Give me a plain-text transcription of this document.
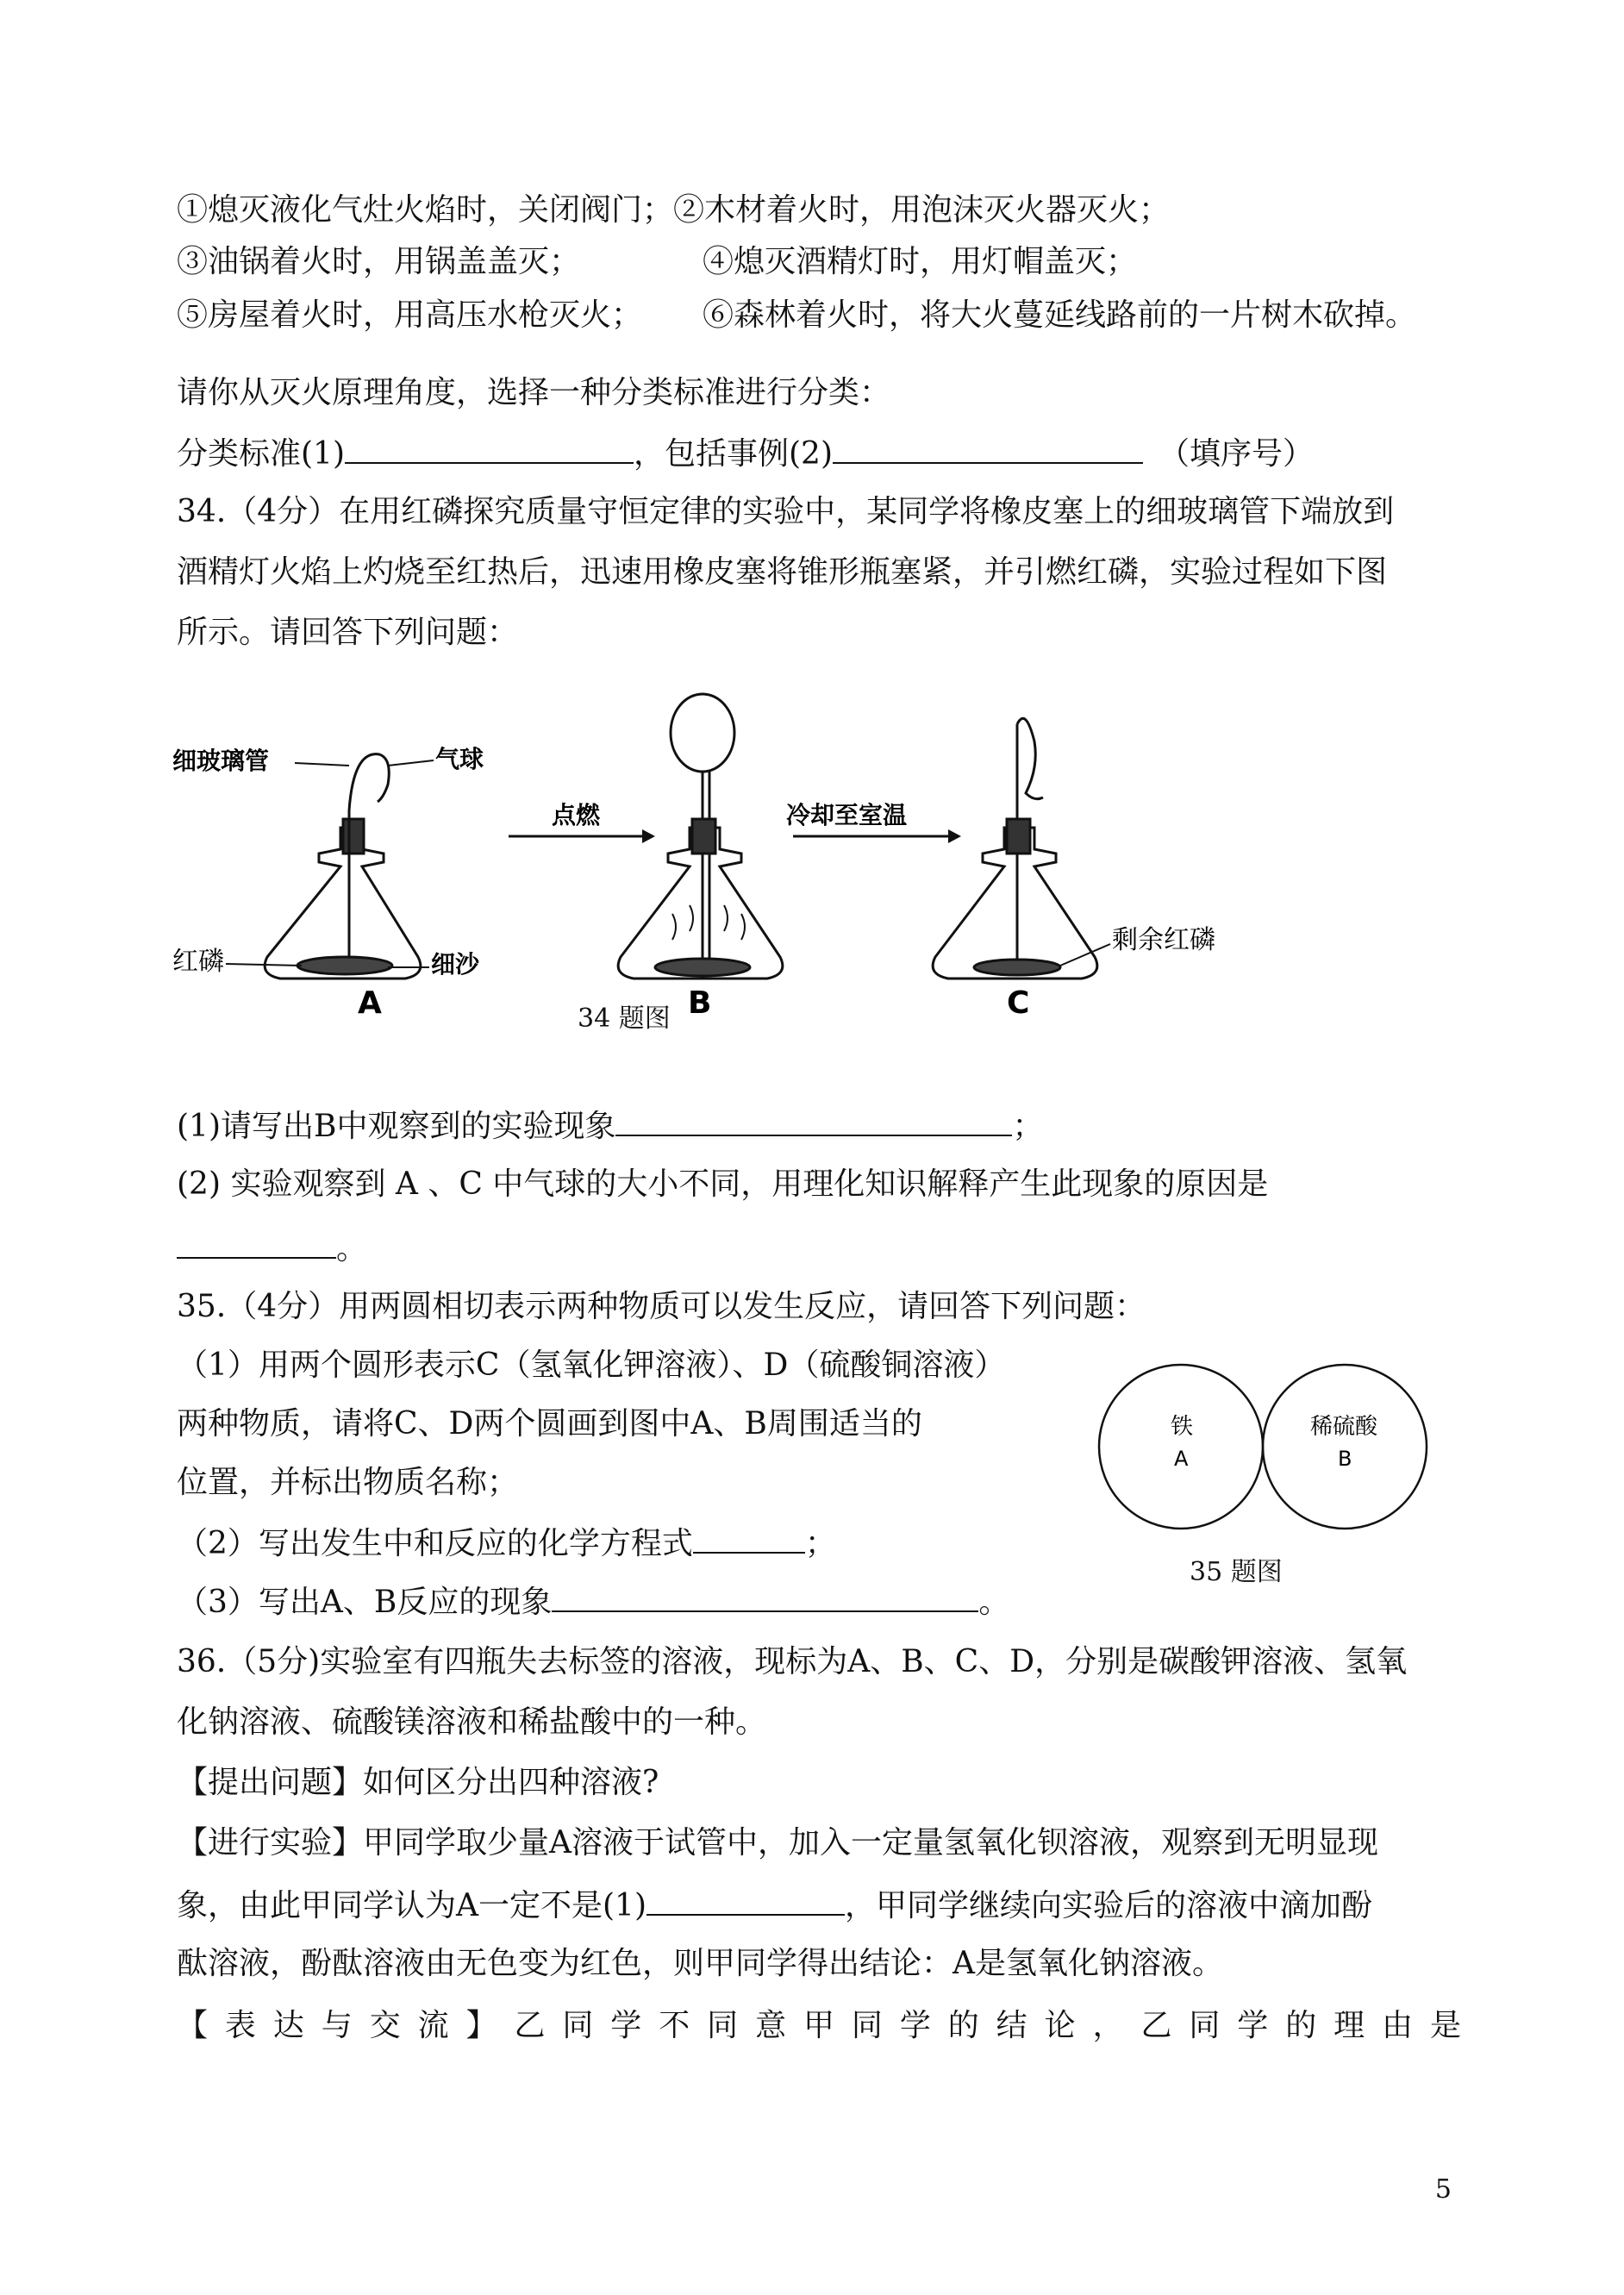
①熄灭液化气灶火焰时，关闭阀门；②木材着火时，用泡沫灭火器灭火；
③油锅着火时，用锅盖盖灭；	④熄灭酒精灯时，用灯帽盖灭；
⑤房屋着火时，用高压水枪灭火； ⑥森林着火时，将大火蔓延线路前的一片树木砍掉。
请你从灭火原理角度，选择一种分类标准进行分类：
分类标准(1)	，包括事例(2)	（填序号）
34.（4分）在用红磷探究质量守恒定律的实验中，某同学将橡皮塞上的细玻璃管下端放到
酒精灯火焰上灼烧至红热后，迅速用橡皮塞将锥形瓶塞紧，并引燃红磷，实验过程如下图
所示。请回答下列问题：
细玻璃管	气球
红磷	细沙
A
点燃
B
冷却至室温
C
剩余红磷
34 题图
(1)请写出B中观察到的实验现象	；
(2) 实验观察到 A 、C 中气球的大小不同，用理化知识解释产生此现象的原因是
。
35.（4分）用两圆相切表示两种物质可以发生反应，请回答下列问题：
（1）用两个圆形表示C（氢氧化钾溶液）、D（硫酸铜溶液）
两种物质，请将C、D两个圆画到图中A、B周围适当的
位置，并标出物质名称；
（2）写出发生中和反应的化学方程式	；
（3）写出A、B反应的现象	。
铁
A
稀硫酸
B
35 题图
36.（5分)实验室有四瓶失去标签的溶液，现标为A、B、C、D，分别是碳酸钾溶液、氢氧
化钠溶液、硫酸镁溶液和稀盐酸中的一种。
【提出问题】如何区分出四种溶液?
【进行实验】甲同学取少量A溶液于试管中，加入一定量氢氧化钡溶液，观察到无明显现
象，由此甲同学认为A一定不是(1)	，甲同学继续向实验后的溶液中滴加酚
酞溶液，酚酞溶液由无色变为红色，则甲同学得出结论：A是氢氧化钠溶液。
【 表 达 与 交 流 】 乙 同 学 不 同 意 甲 同 学 的 结 论 ， 乙 同 学 的 理 由 是
5
